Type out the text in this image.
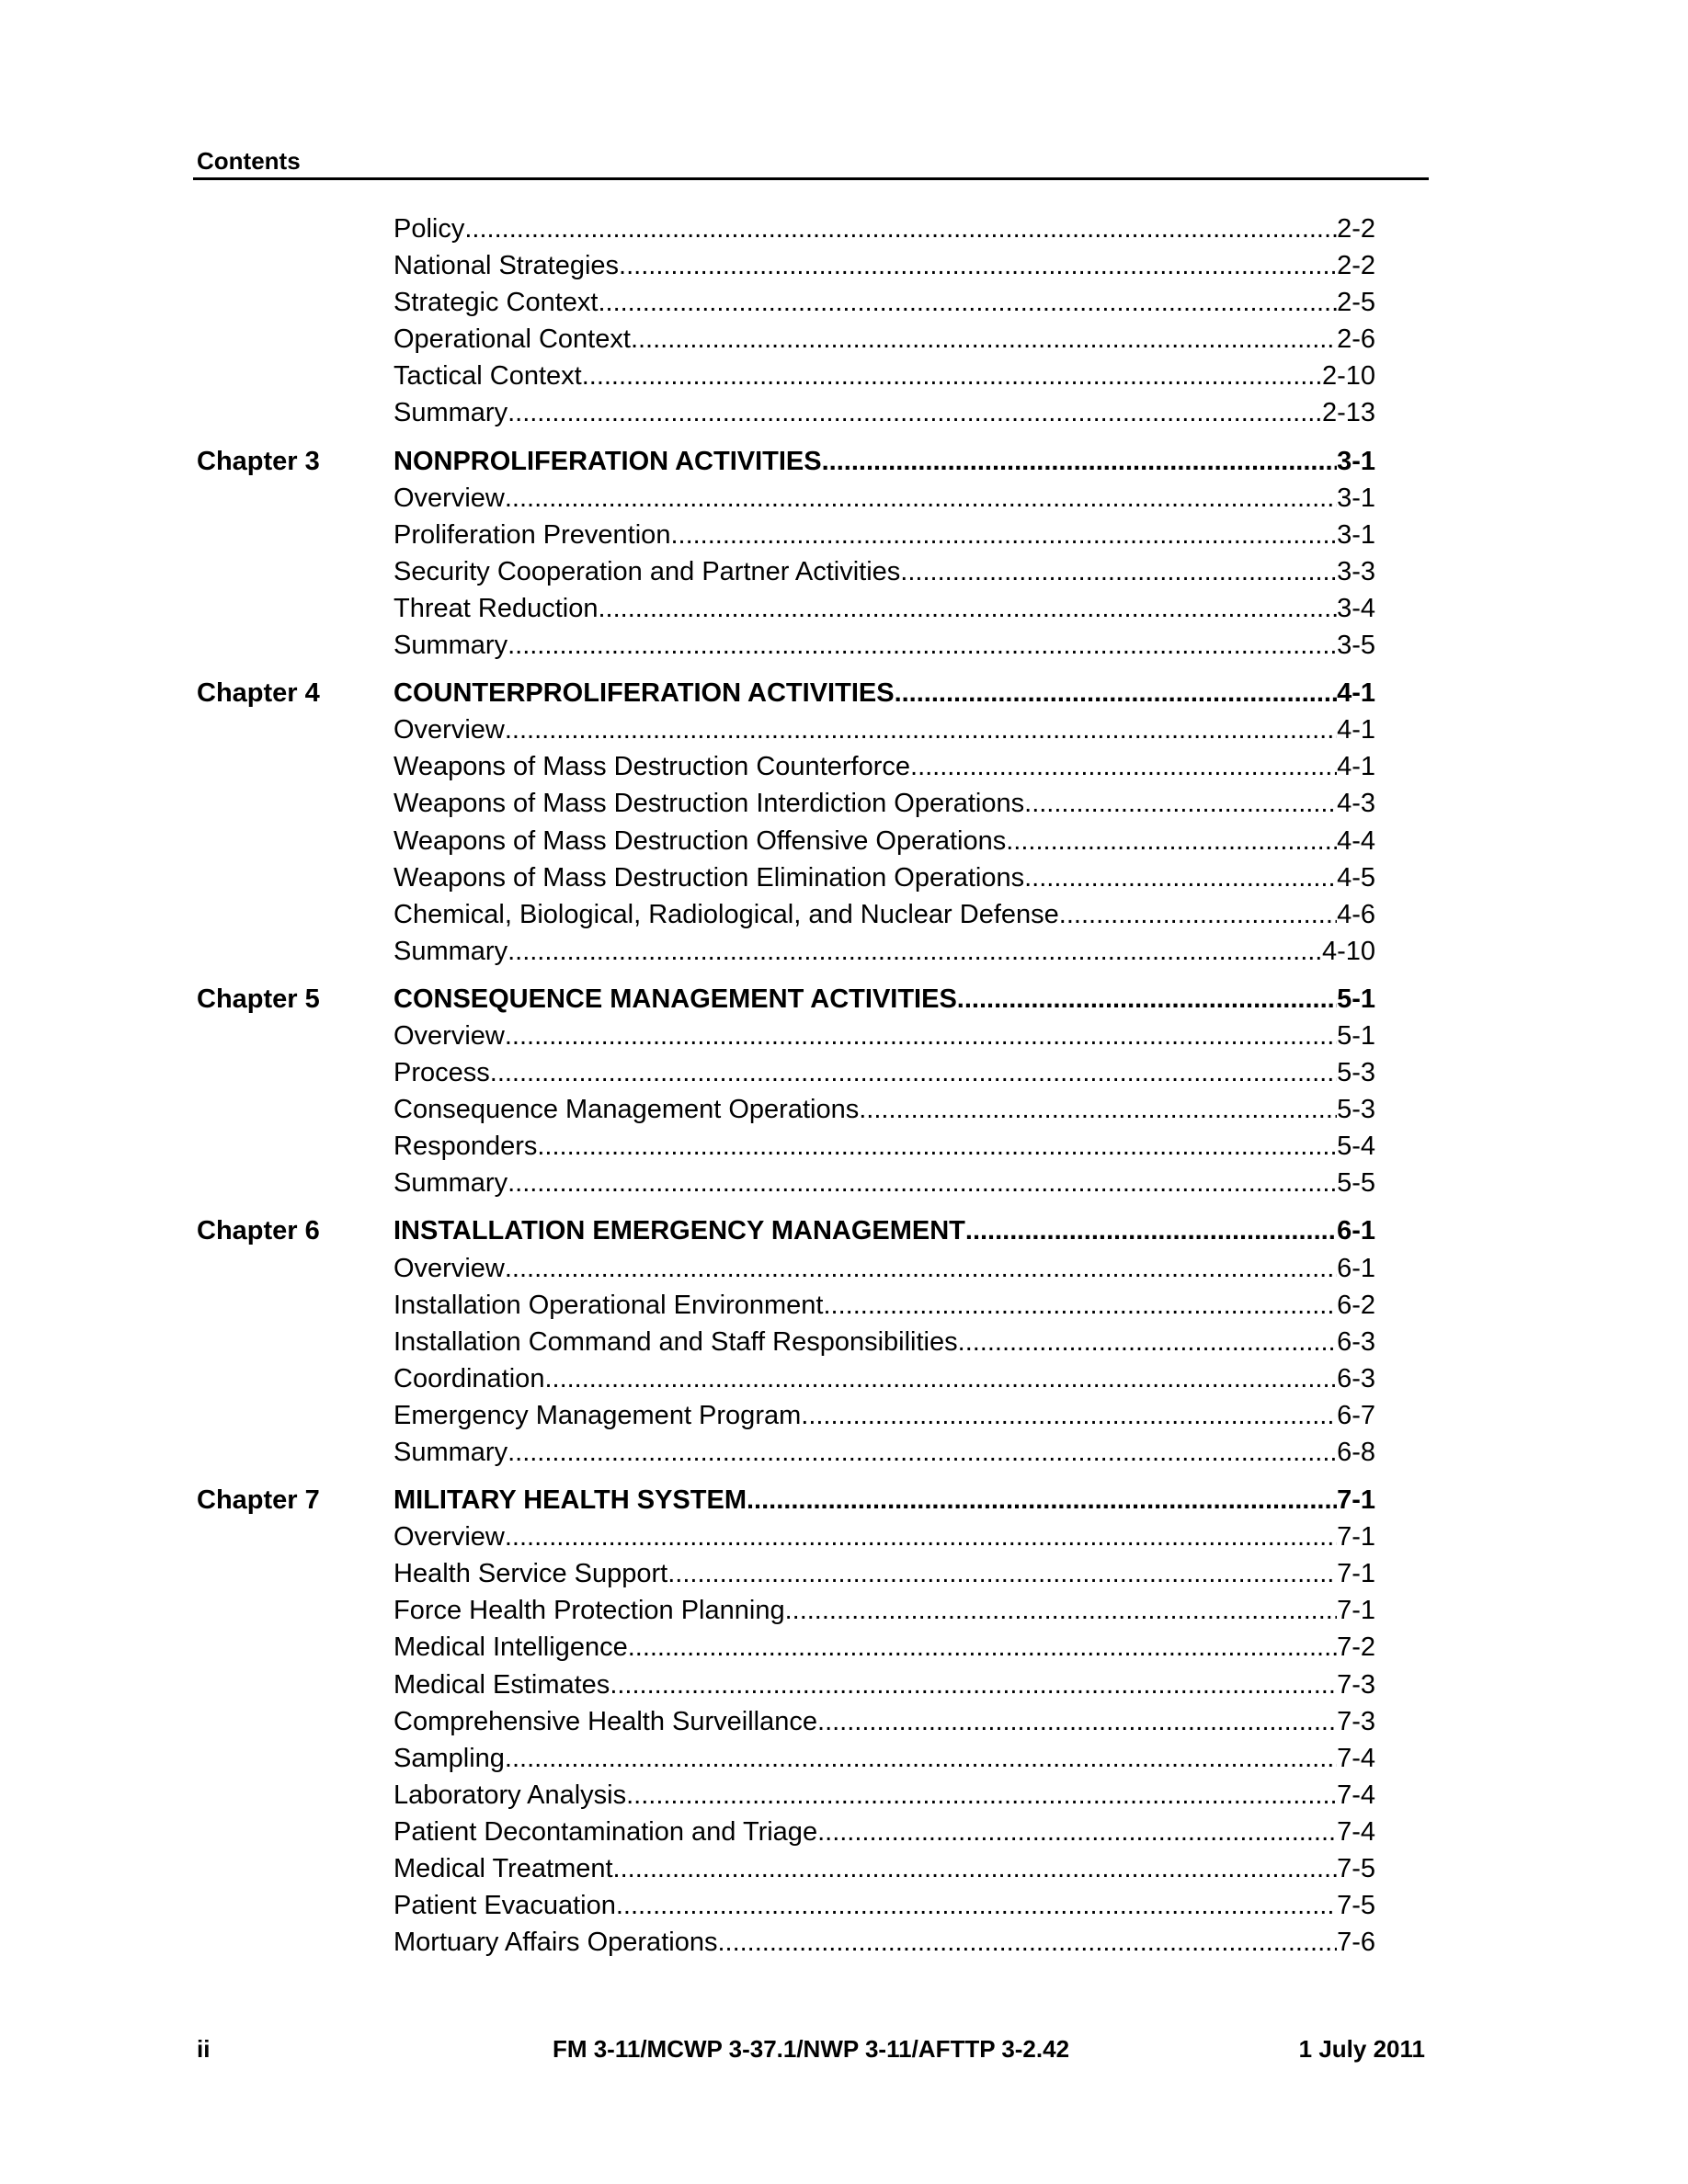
Contents
Policy .....	2-2
National Strategies .....	2-2
Strategic Context .....	2-5
Operational Context .....	2-6
Tactical Context .....	2-10
Summary .....	2-13
Chapter 3	NONPROLIFERATION ACTIVITIES .....	3-1
Overview .....	3-1
Proliferation Prevention .....	3-1
Security Cooperation and Partner Activities .....	3-3
Threat Reduction .....	3-4
Summary .....	3-5
Chapter 4	COUNTERPROLIFERATION ACTIVITIES .....	4-1
Overview .....	4-1
Weapons of Mass Destruction Counterforce .....	4-1
Weapons of Mass Destruction Interdiction Operations .....	4-3
Weapons of Mass Destruction Offensive Operations .....	4-4
Weapons of Mass Destruction Elimination Operations .....	4-5
Chemical, Biological, Radiological, and Nuclear Defense .....	4-6
Summary .....	4-10
Chapter 5	CONSEQUENCE MANAGEMENT ACTIVITIES .....	5-1
Overview .....	5-1
Process .....	5-3
Consequence Management Operations .....	5-3
Responders .....	5-4
Summary .....	5-5
Chapter 6	INSTALLATION EMERGENCY MANAGEMENT .....	6-1
Overview .....	6-1
Installation Operational Environment .....	6-2
Installation Command and Staff Responsibilities .....	6-3
Coordination .....	6-3
Emergency Management Program .....	6-7
Summary .....	6-8
Chapter 7	MILITARY HEALTH SYSTEM .....	7-1
Overview .....	7-1
Health Service Support .....	7-1
Force Health Protection Planning .....	7-1
Medical Intelligence .....	7-2
Medical Estimates .....	7-3
Comprehensive Health Surveillance .....	7-3
Sampling .....	7-4
Laboratory Analysis .....	7-4
Patient Decontamination and Triage .....	7-4
Medical Treatment .....	7-5
Patient Evacuation .....	7-5
Mortuary Affairs Operations .....	7-6
ii	FM 3-11/MCWP 3-37.1/NWP 3-11/AFTTP 3-2.42	1 July 2011
